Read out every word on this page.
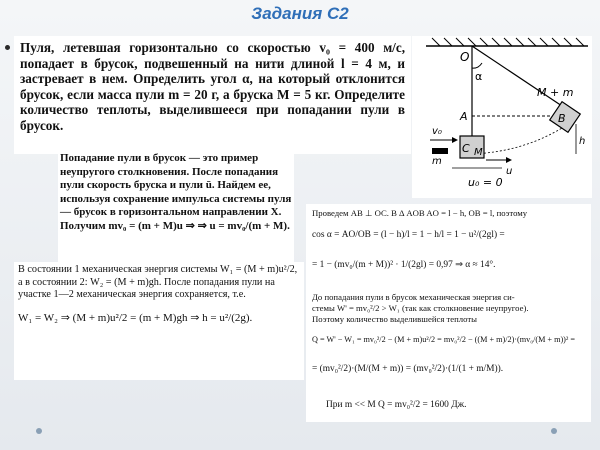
Задания С2

Пуля, летевшая горизонтально со скоростью v₀ = 400 м/с, попадает в брусок, подвешенный на нити длиной l = 4 м, и застревает в нем. Определить угол α, на который отклонится брусок, если масса пули m = 20 г, а бруска M = 5 кг. Определите количество теплоты, выделившееся при попадании пули в брусок.

O
α
M + m
A	B
C M
m
h
v₀
u
u₀ = 0

Попадание пули в брусок — это пример неупругого столкновения. После попадания пули скорость бруска и пули ū. Найдем ее, используя сохранение импульса системы пуля— брусок в горизонтальном направлении X. Получим mv₀ = (m + M)u ⇒ ⇒ u = mv₀/(m + M).

В состоянии 1 механическая энергия системы W₁ = (M + m)u²/2, а в состоянии 2: W₂ = (M + m)gh. После попадания пули на участке 1—2 механическая энергия сохраняется, т.е.

W₁ = W₂ ⇒ (M + m)u²/2 = (m + M)gh ⇒ h = u²/(2g).

Проведем AB ⊥ OC. В Δ AOB AO = l − h, OB = l, поэтому
cos α = AO/OB = (l − h)/l = 1 − h/l = 1 − u²/(2gl) =
= 1 − (mv₀/(m + M))² · 1/(2gl) = 0,97 ⇒ α ≈ 14°.
До попадания пули в брусок механическая энергия си-
стемы W' = mv₀²/2 > W₁ (так как столкновение неупругое).
Поэтому количество выделившейся теплоты
Q = W' − W₁ = mv₀²/2 − (M + m)u²/2 = mv₀²/2 − ((M + m)/2)·(mv₀/(M + m))² =
= (mv₀²/2)·(M/(M + m)) = (mv₀²/2)·(1/(1 + m/M)).
При m << M Q = mv₀²/2 = 1600 Дж.
